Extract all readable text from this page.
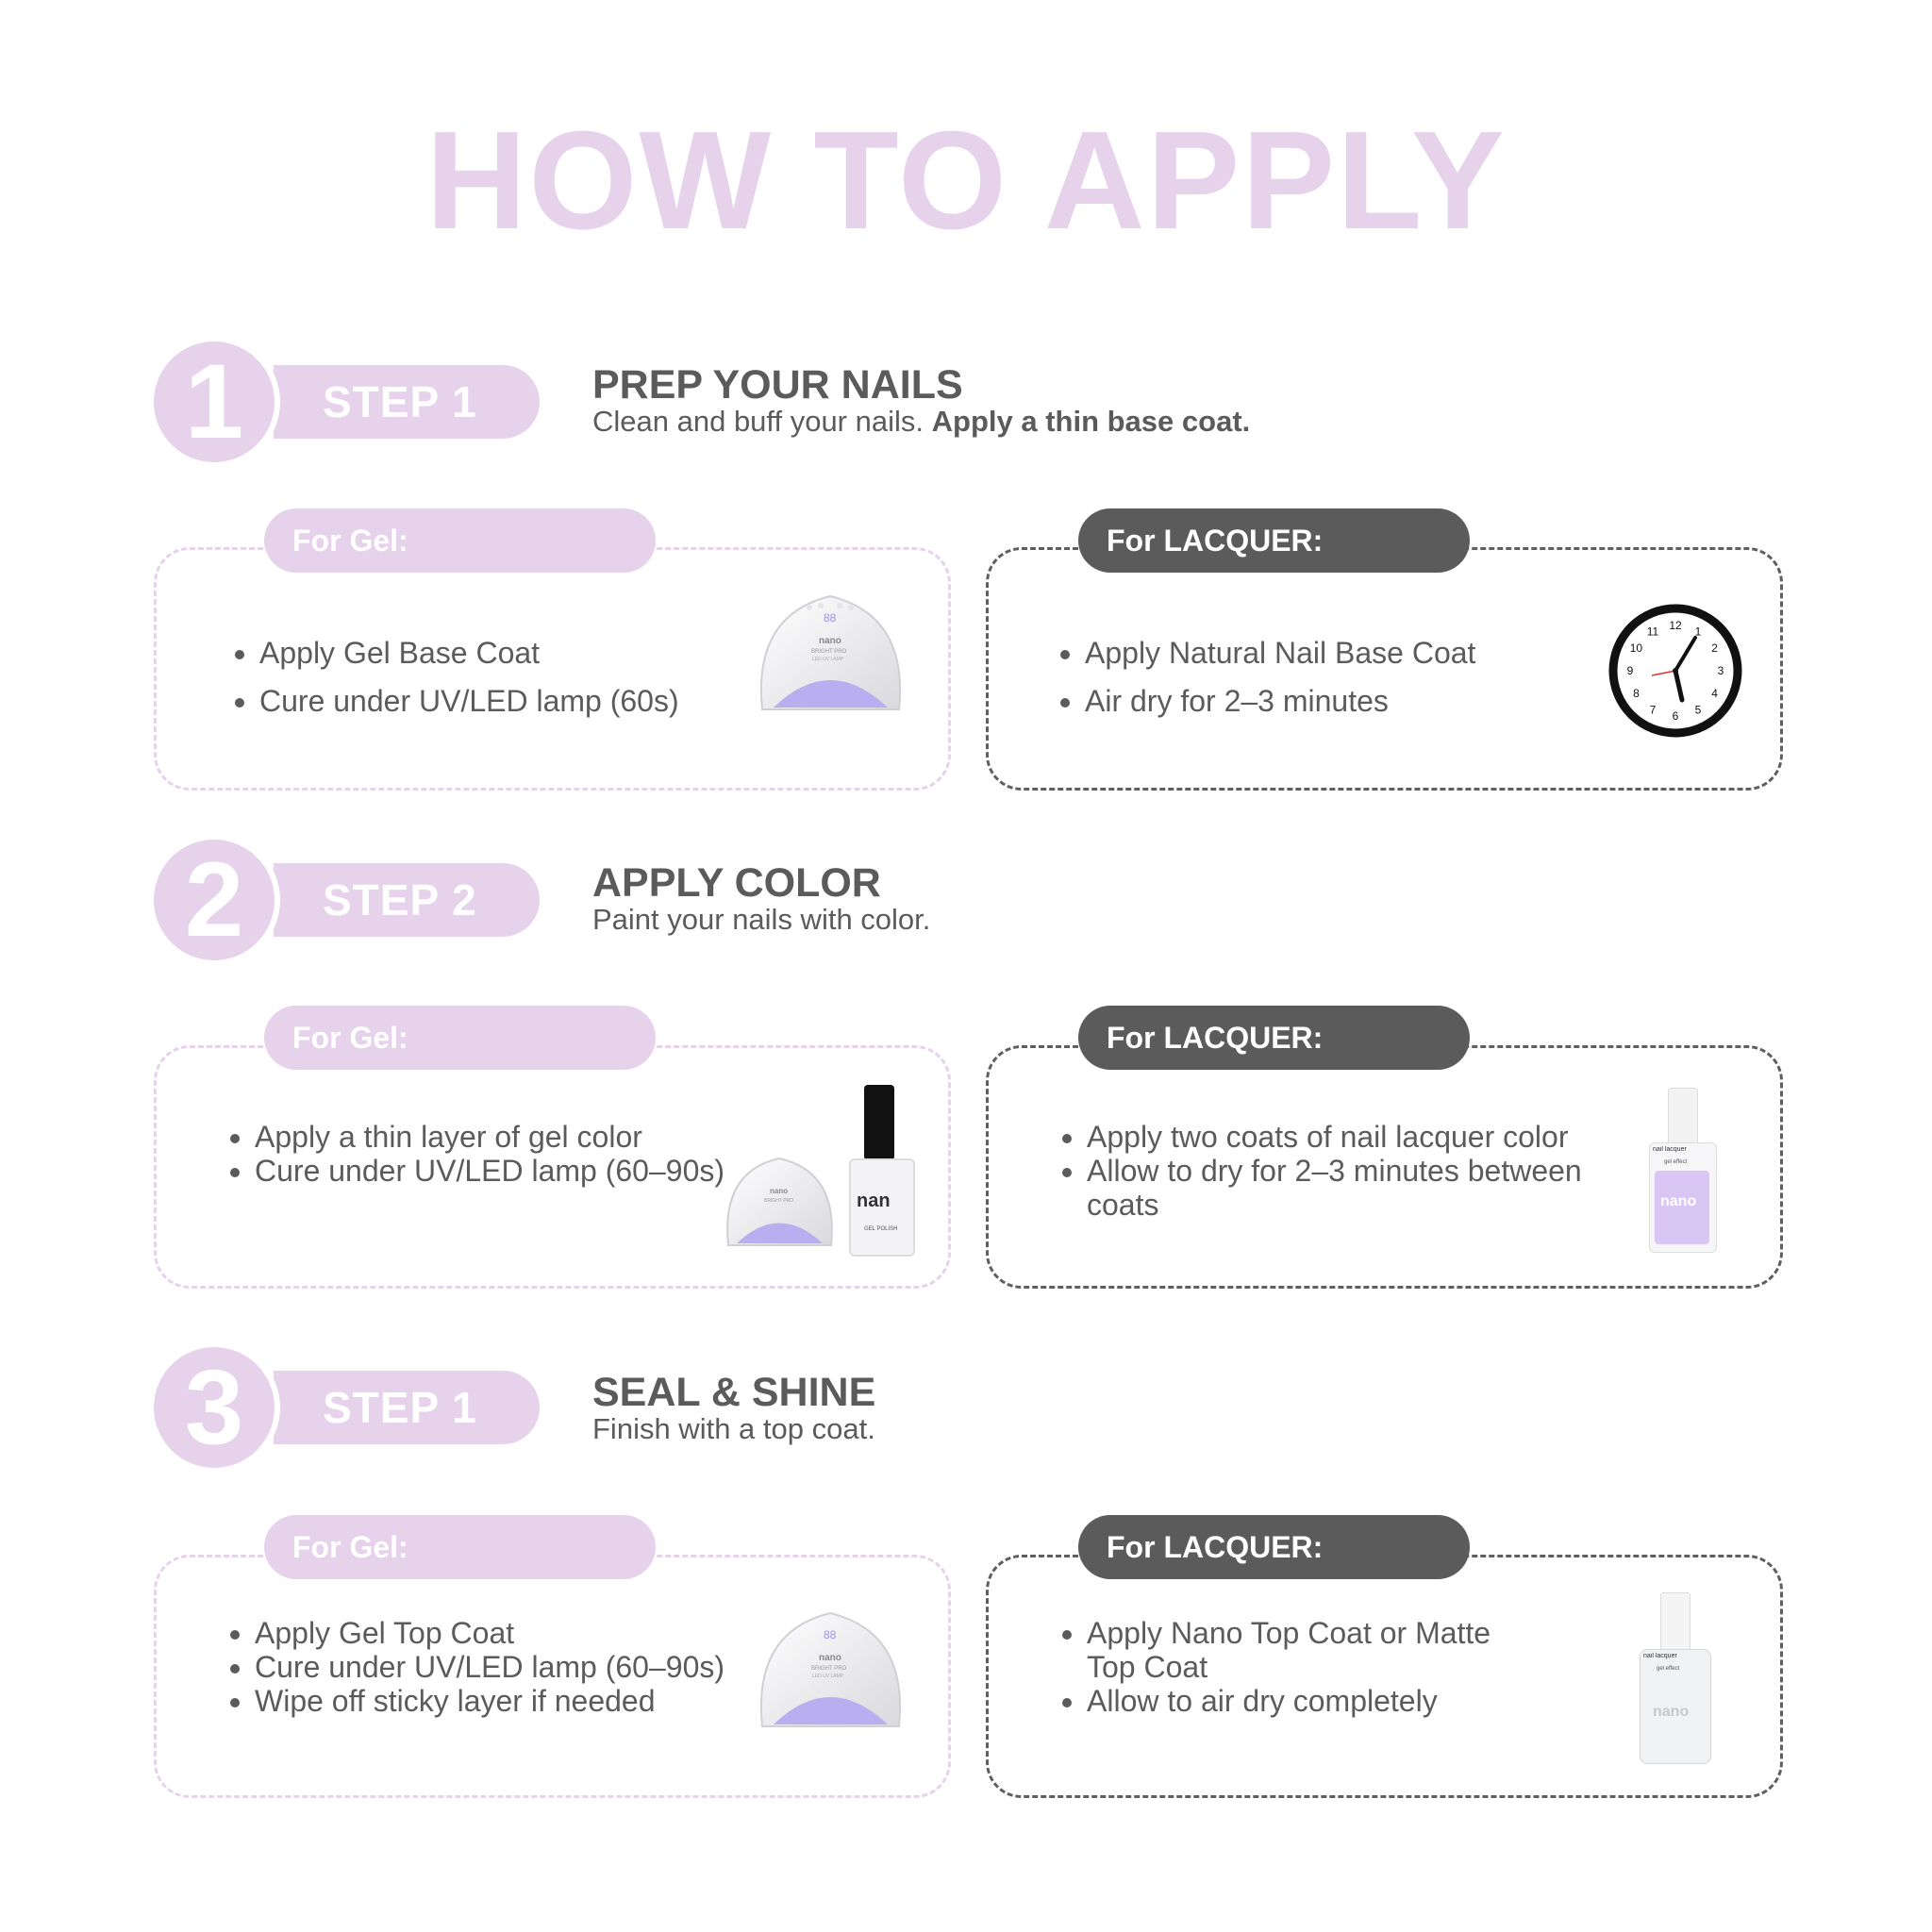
HOW TO APPLY
1	STEP 1	PREP YOUR NAILS
Clean and buff your nails. Apply a thin base coat.
For Gel:
• Apply Gel Base Coat
• Cure under UV/LED lamp (60s)
88
nano
BRIGHT PRO
LED UV LAMP
For LACQUER:
• Apply Natural Nail Base Coat
• Air dry for 2–3 minutes
12 1
2
3
4
5
6
7
8
9
10
11
2	STEP 2	APPLY COLOR
Paint your nails with color.
For Gel:
• Apply a thin layer of gel color
• Cure under UV/LED lamp (60–90s)
nano
BRIGHT PRO	nan
GEL POLISH
For LACQUER:
• Apply two coats of nail lacquer color
• Allow to dry for 2–3 minutes between coats
nail lacquer
gel effect
nano
3	STEP 1	SEAL & SHINE
Finish with a top coat.
For Gel:
• Apply Gel Top Coat
• Cure under UV/LED lamp (60–90s)
• Wipe off sticky layer if needed
88
nano
BRIGHT PRO
LED UV LAMP
For LACQUER:
• Apply Nano Top Coat or Matte Top Coat
• Allow to air dry completely
nail lacquer
gel effect
nano
